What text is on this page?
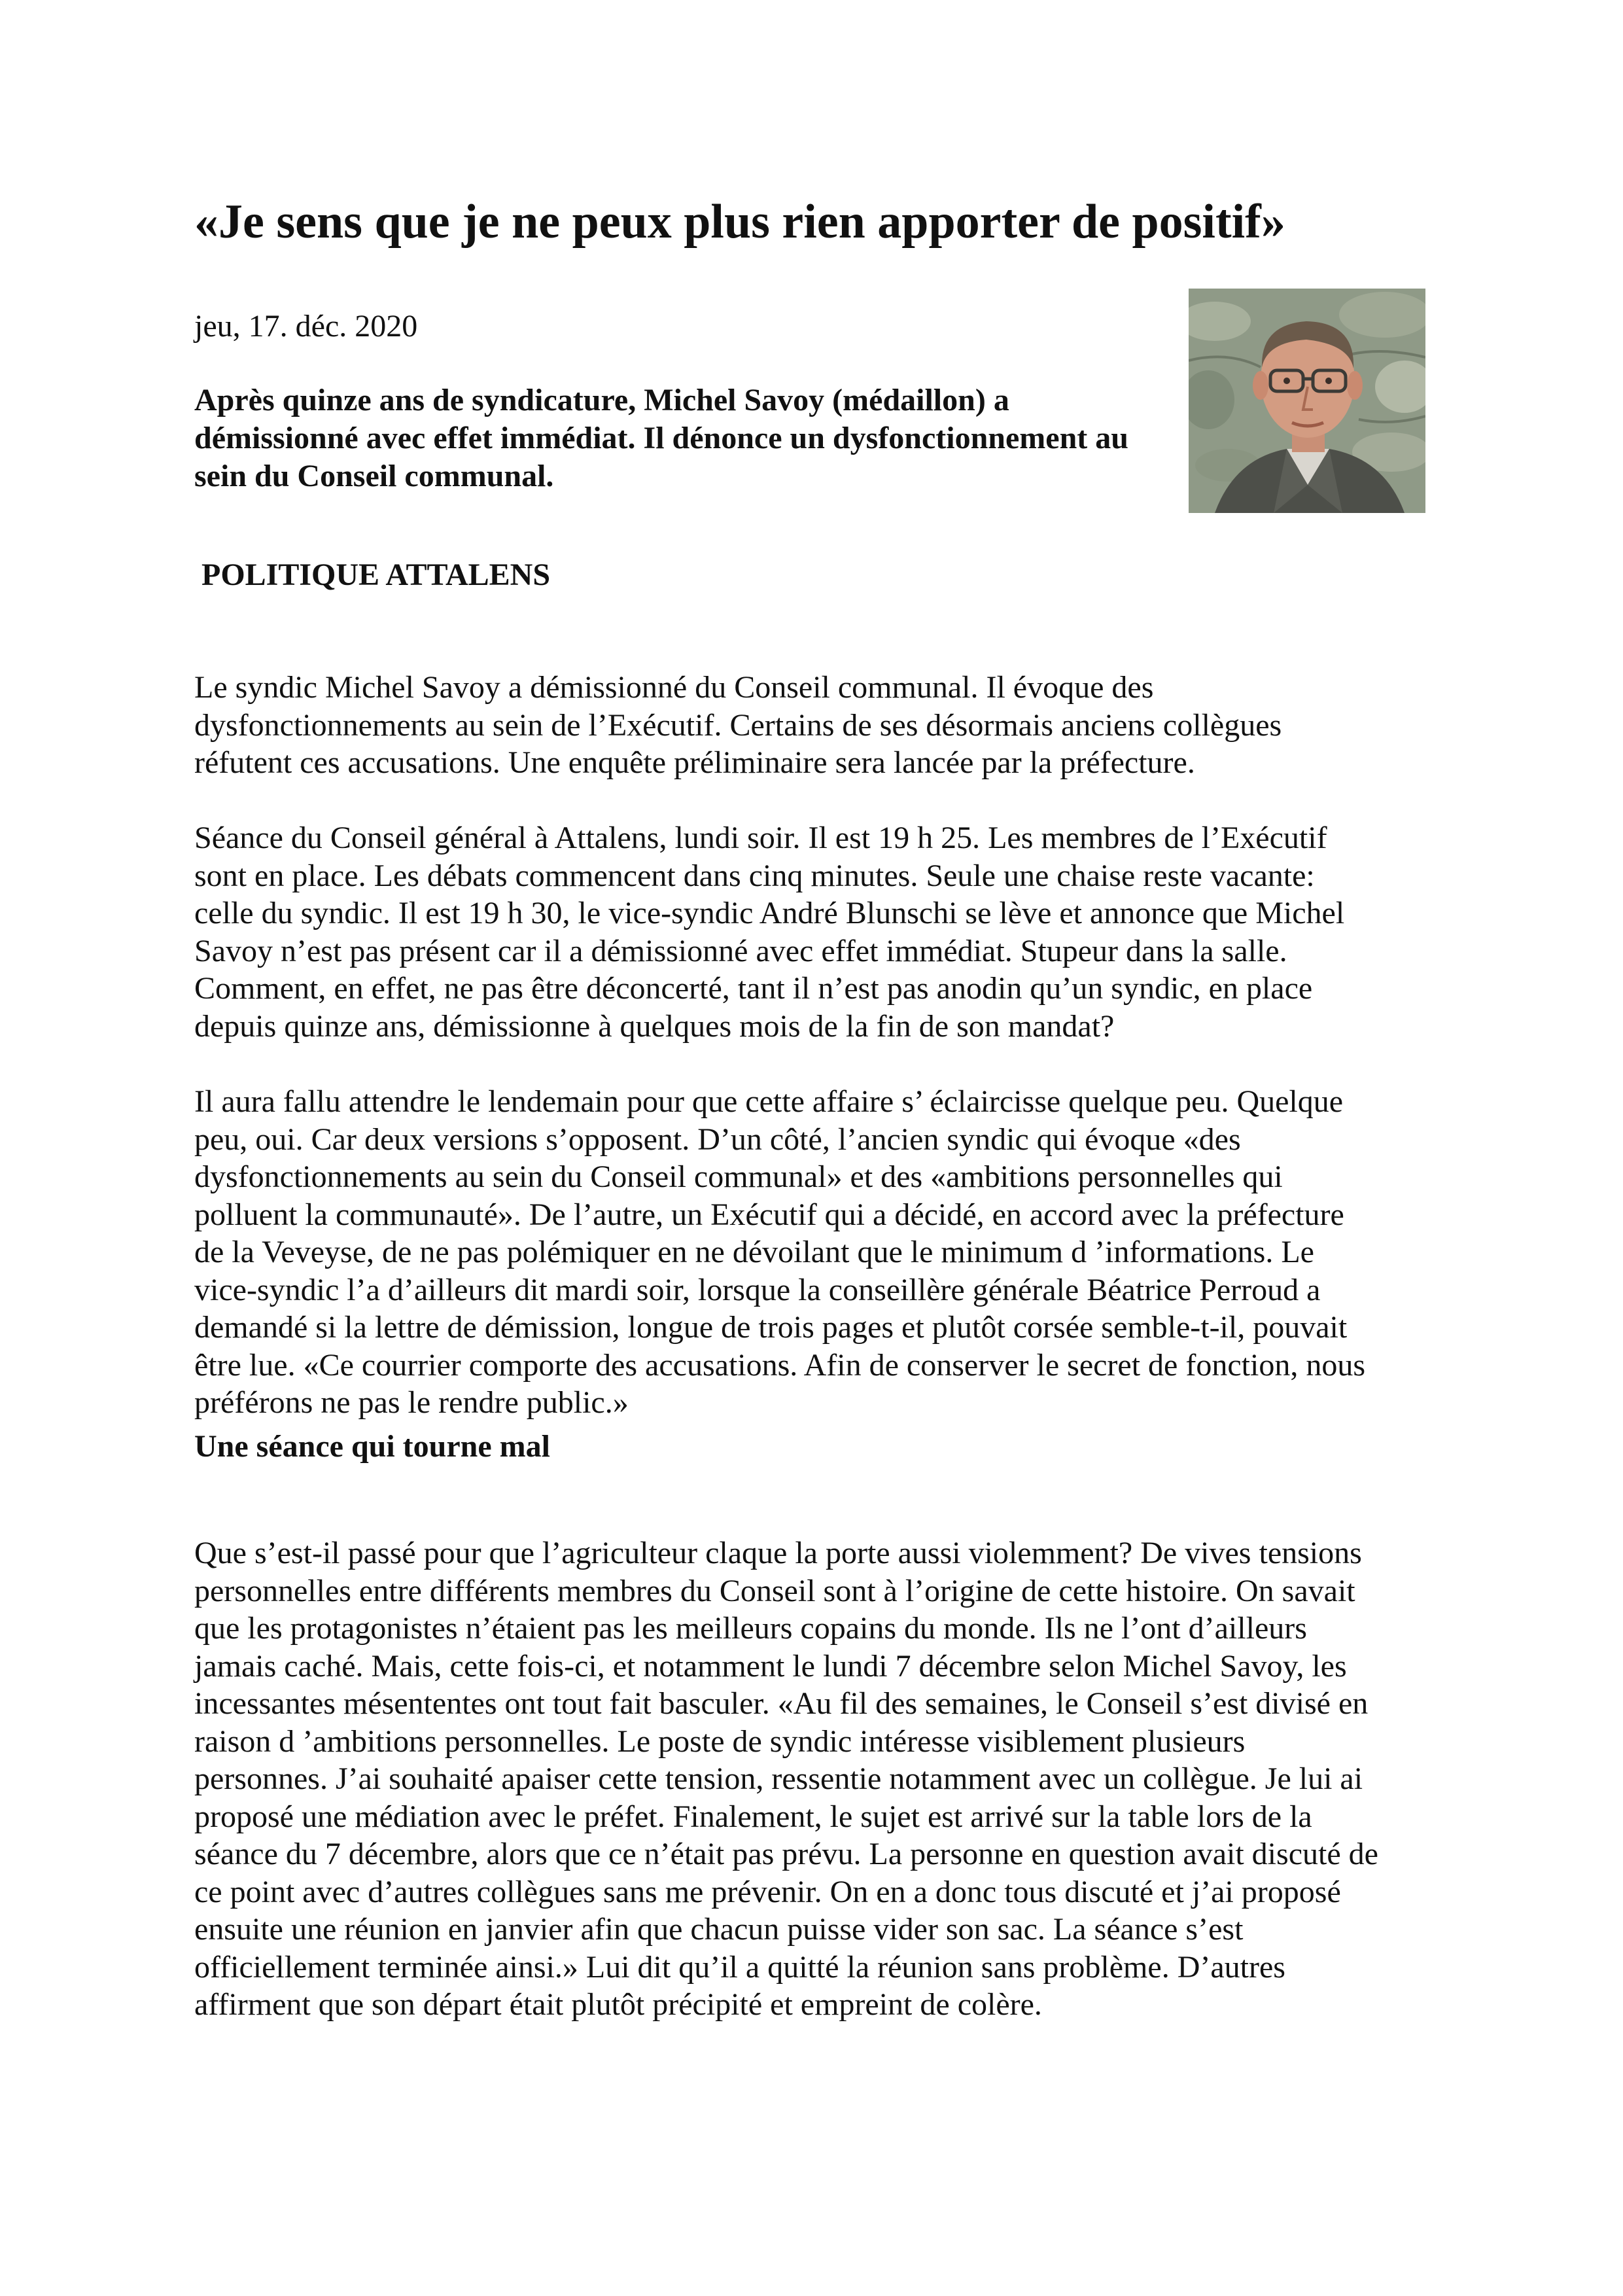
«Je sens que je ne peux plus rien apporter de positif»

jeu, 17. déc. 2020

Après quinze ans de syndicature, Michel Savoy (médaillon) a démissionné avec effet immédiat. Il dénonce un dysfonctionnement au sein du Conseil communal.

POLITIQUE ATTALENS

Le syndic Michel Savoy a démissionné du Conseil communal. Il évoque des
dysfonctionnements au sein de l’Exécutif. Certains de ses désormais anciens collègues
réfutent ces accusations. Une enquête préliminaire sera lancée par la préfecture.

Séance du Conseil général à Attalens, lundi soir. Il est 19 h 25. Les membres de l’Exécutif
sont en place. Les débats commencent dans cinq minutes. Seule une chaise reste vacante:
celle du syndic. Il est 19 h 30, le vice-syndic André Blunschi se lève et annonce que Michel
Savoy n’est pas présent car il a démissionné avec effet immédiat. Stupeur dans la salle.
Comment, en effet, ne pas être déconcerté, tant il n’est pas anodin qu’un syndic, en place
depuis quinze ans, démissionne à quelques mois de la fin de son mandat?

Il aura fallu attendre le lendemain pour que cette affaire s’ éclaircisse quelque peu. Quelque
peu, oui. Car deux versions s’opposent. D’un côté, l’ancien syndic qui évoque «des
dysfonctionnements au sein du Conseil communal» et des «ambitions personnelles qui
polluent la communauté». De l’autre, un Exécutif qui a décidé, en accord avec la préfecture
de la Veveyse, de ne pas polémiquer en ne dévoilant que le minimum d ’informations. Le
vice-syndic l’a d’ailleurs dit mardi soir, lorsque la conseillère générale Béatrice Perroud a
demandé si la lettre de démission, longue de trois pages et plutôt corsée semble-t-il, pouvait
être lue. «Ce courrier comporte des accusations. Afin de conserver le secret de fonction, nous
préférons ne pas le rendre public.»

Une séance qui tourne mal

Que s’est-il passé pour que l’agriculteur claque la porte aussi violemment? De vives tensions
personnelles entre différents membres du Conseil sont à l’origine de cette histoire. On savait
que les protagonistes n’étaient pas les meilleurs copains du monde. Ils ne l’ont d’ailleurs
jamais caché. Mais, cette fois-ci, et notamment le lundi 7 décembre selon Michel Savoy, les
incessantes mésententes ont tout fait basculer. «Au fil des semaines, le Conseil s’est divisé en
raison d ’ambitions personnelles. Le poste de syndic intéresse visiblement plusieurs
personnes. J’ai souhaité apaiser cette tension, ressentie notamment avec un collègue. Je lui ai
proposé une médiation avec le préfet. Finalement, le sujet est arrivé sur la table lors de la
séance du 7 décembre, alors que ce n’était pas prévu. La personne en question avait discuté de
ce point avec d’autres collègues sans me prévenir. On en a donc tous discuté et j’ai proposé
ensuite une réunion en janvier afin que chacun puisse vider son sac. La séance s’est
officiellement terminée ainsi.» Lui dit qu’il a quitté la réunion sans problème. D’autres
affirment que son départ était plutôt précipité et empreint de colère.
